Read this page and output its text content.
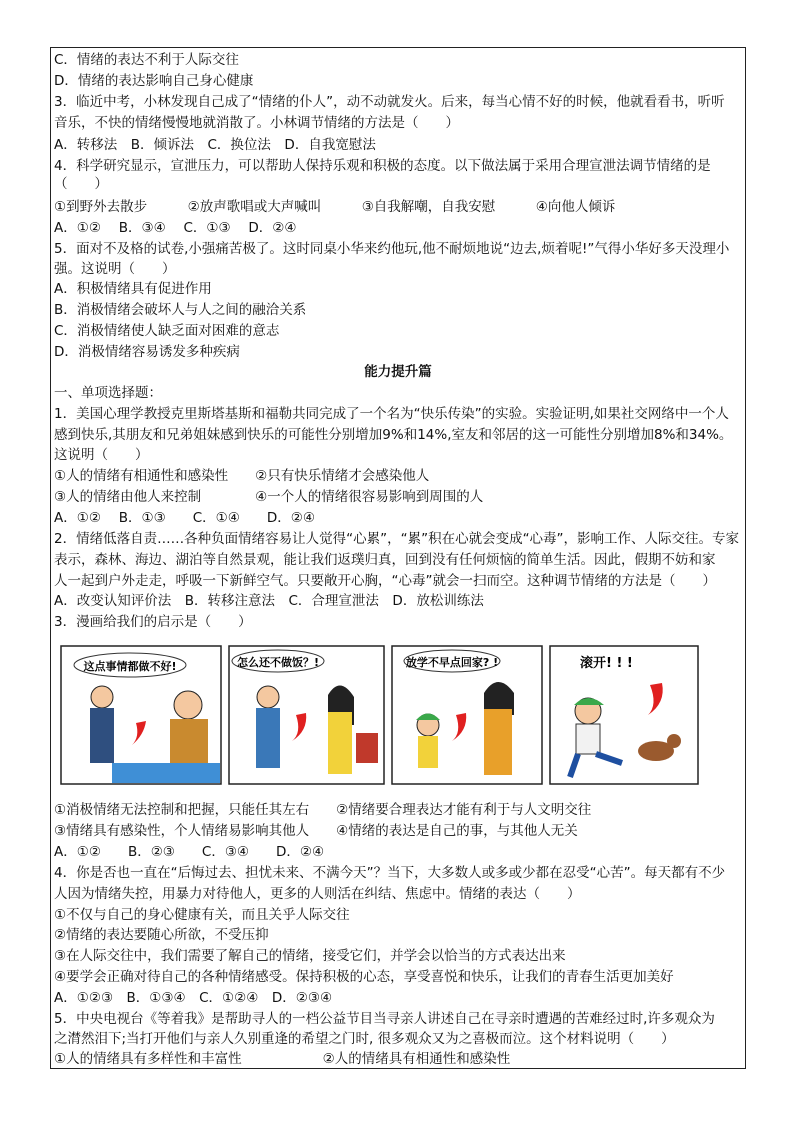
C．情绪的表达不利于人际交往
D．情绪的表达影响自己身心健康
3．临近中考，小林发现自己成了“情绪的仆人”，动不动就发火。后来，每当心情不好的时候，他就看看书，听听
音乐，不快的情绪慢慢地就消散了。小林调节情绪的方法是（　　）
A．转移法　B．倾诉法　C．换位法　D．自我宽慰法
4．科学研究显示，宣泄压力，可以帮助人保持乐观和积极的态度。以下做法属于采用合理宣泄法调节情绪的是
（　　）
①到野外去散步　　　②放声歌唱或大声喊叫　　　③自我解嘲，自我安慰　　　④向他人倾诉
A．①②　 B．③④　 C．①③　 D．②④
5．面对不及格的试卷,小强痛苦极了。这时同桌小华来约他玩,他不耐烦地说“边去,烦着呢!”气得小华好多天没理小
强。这说明（　　）
A．积极情绪具有促进作用
B．消极情绪会破坏人与人之间的融洽关系
C．消极情绪使人缺乏面对困难的意志
D．消极情绪容易诱发多种疾病
能力提升篇
一、单项选择题：
1．美国心理学教授克里斯塔基斯和福勒共同完成了一个名为“快乐传染”的实验。实验证明,如果社交网络中一个人
感到快乐,其朋友和兄弟姐妹感到快乐的可能性分别增加9%和14%,室友和邻居的这一可能性分别增加8%和34%。
这说明（　　）
①人的情绪有相通性和感染性　　②只有快乐情绪才会感染他人
③人的情绪由他人来控制　　　　④一个人的情绪很容易影响到周围的人
A．①②　 B．①③　　C．①④　　D．②④
2．情绪低落自责……各种负面情绪容易让人觉得“心累”，“累”积在心就会变成“心毒”，影响工作、人际交往。专家
表示，森林、海边、湖泊等自然景观，能让我们返璞归真，回到没有任何烦恼的简单生活。因此，假期不妨和家
人一起到户外走走，呼吸一下新鲜空气。只要敞开心胸，“心毒”就会一扫而空。这种调节情绪的方法是（　　）
A．改变认知评价法　B．转移注意法　C．合理宣泄法　D．放松训练法
3．漫画给我们的启示是（　　）
这点事情都做不好!	怎么还不做饭？!	放学不早点回家? !	滚开! ! !
①消极情绪无法控制和把握，只能任其左右　　②情绪要合理表达才能有利于与人文明交往
③情绪具有感染性，个人情绪易影响其他人　　④情绪的表达是自己的事，与其他人无关
A．①②　　B．②③　　C．③④　　D．②④
4．你是否也一直在“后悔过去、担忧未来、不满今天”？当下，大多数人或多或少都在忍受“心苦”。每天都有不少
人因为情绪失控，用暴力对待他人，更多的人则活在纠结、焦虑中。情绪的表达（　　）
①不仅与自己的身心健康有关，而且关乎人际交往
②情绪的表达要随心所欲，不受压抑
③在人际交往中，我们需要了解自己的情绪，接受它们，并学会以恰当的方式表达出来
④要学会正确对待自己的各种情绪感受。保持积极的心态，享受喜悦和快乐，让我们的青春生活更加美好
A．①②③　B．①③④　C．①②④　D．②③④
5．中央电视台《等着我》是帮助寻人的一档公益节目当寻亲人讲述自己在寻亲时遭遇的苦难经过时,许多观众为
之潸然泪下;当打开他们与亲人久别重逢的希望之门时, 很多观众又为之喜极而泣。这个材料说明（　　）
①人的情绪具有多样性和丰富性　　　　　　②人的情绪具有相通性和感染性
